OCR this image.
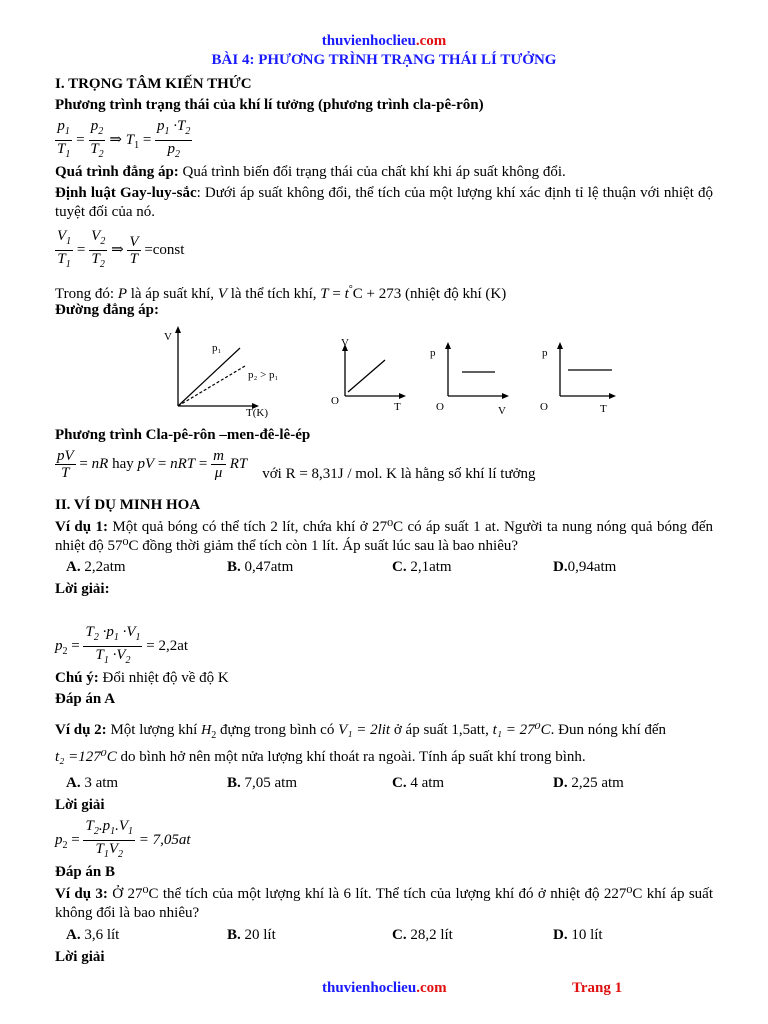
thuvienhoclieu.com
BÀI 4: PHƯƠNG TRÌNH TRẠNG THÁI LÍ TƯỞNG
I. TRỌNG TÂM KIẾN THỨC
Phương trình trạng thái của khí lí tưởng (phương trình cla-pê-rôn)
$\frac{p_1}{T_1} = \frac{p_2}{T_2}$ ⇒ $T_1 = \frac{p_1 \cdot T_2}{p_2}$
Quá trình đẳng áp: Quá trình biến đổi trạng thái của chất khí khi áp suất không đổi.
Định luật Gay-luy-sắc: Dưới áp suất không đổi, thể tích của một lượng khí xác định tỉ lệ thuận với nhiệt độ tuyệt đối của nó.
$\frac{V_1}{T_1} = \frac{V_2}{T_2}$ ⇒ $\frac{V}{T}$ =const
Trong đó: P là áp suất khí, V là thể tích khí, T = t°C + 273 (nhiệt độ khí (K)
Đường đẳng áp:
V
p₁
p₂ > p₁
T(K)
V
O	T
p
O	V
p
O	T
Phương trình Cla-pê-rôn –men-đê-lê-ép
$\frac{pV}{T}$ = nR hay pV = nRT = $\frac{m}{\mu}$ RT    với R = 8,31J / mol. K là hằng số khí lí tưởng
II. VÍ DỤ MINH HOA
Ví dụ 1: Một quả bóng có thể tích 2 lít, chứa khí ở 27⁰C có áp suất 1 at. Người ta nung nóng quả bóng đến nhiệt độ 57⁰C đồng thời giảm thể tích còn 1 lít. Áp suất lúc sau là bao nhiêu?
A. 2,2atm	B. 0,47atm	C. 2,1atm	D.0,94atm
Lời giải:
$p_2 = \frac{T_2 \cdot p_1 \cdot V_1}{T_1 \cdot V_2} = 2,2at$
Chú ý: Đổi nhiệt độ về độ K
Đáp án A
Ví dụ 2: Một lượng khí $H_2$ đựng trong bình có V₁ = 2lit ở áp suất 1,5att, t₁ = 27⁰C. Đun nóng khí đến
t₂ =127⁰C do bình hở nên một nửa lượng khí thoát ra ngoài. Tính áp suất khí trong bình.
A. 3 atm	B. 7,05 atm	C. 4 atm	D. 2,25 atm
Lời giải
$p_2 = \frac{T_2.p_1.V_1}{T_1V_2} = 7,05at$
Đáp án B
Ví dụ 3: Ở 27⁰C thể tích của một lượng khí là 6 lít. Thể tích của lượng khí đó ở nhiệt độ 227⁰C khí áp suất không đổi là bao nhiêu?
A. 3,6 lít	B. 20 lít	C. 28,2 lít	D. 10 lít
Lời giải
thuvienhoclieu.com	Trang 1
